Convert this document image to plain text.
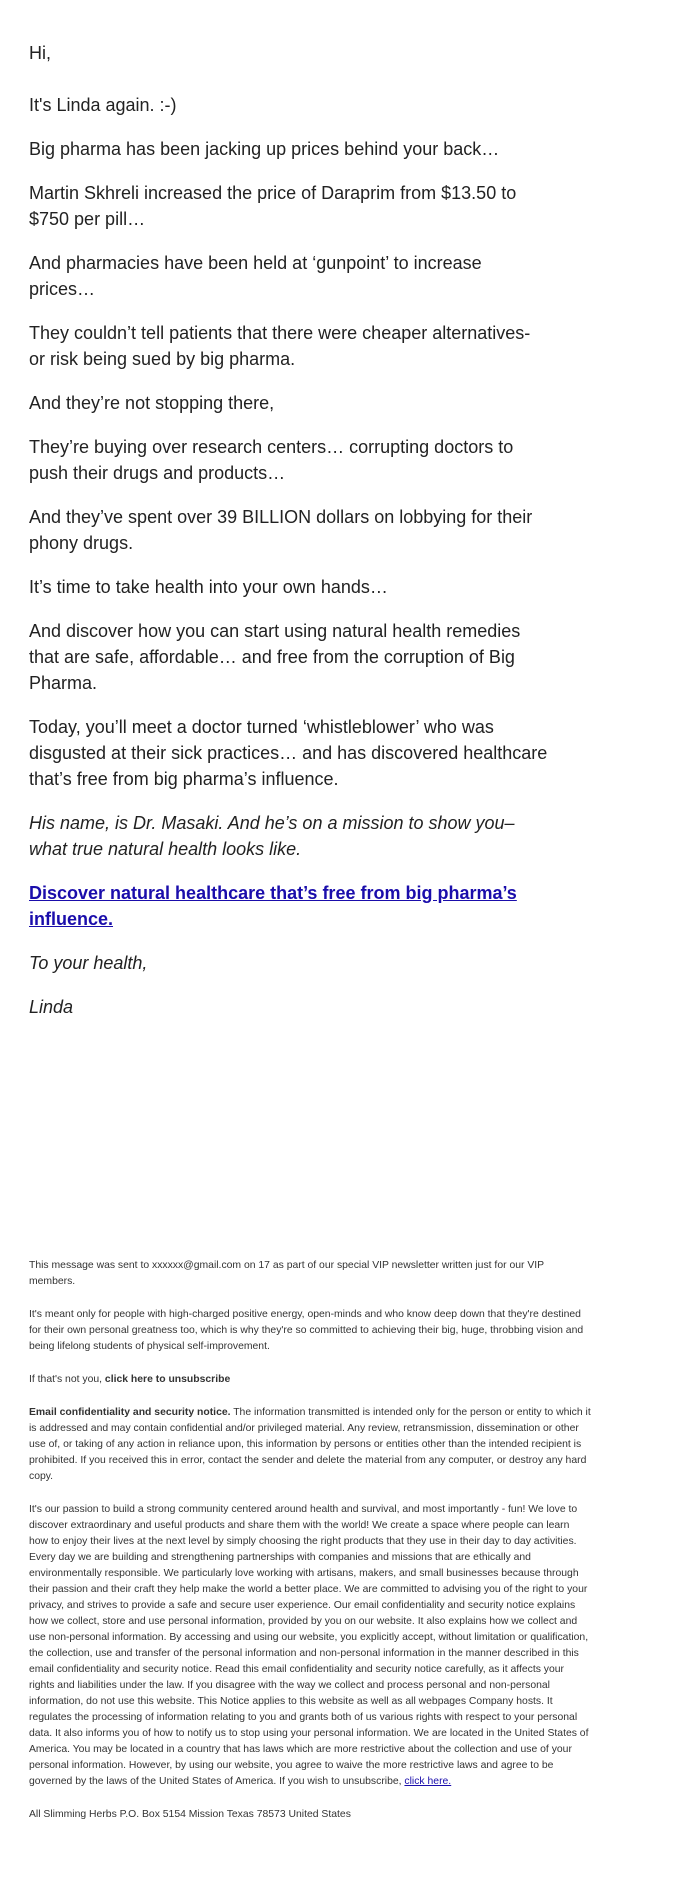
Hi,

It's Linda again. :-)

Big pharma has been jacking up prices behind your back…

Martin Skhreli increased the price of Daraprim from $13.50 to $750 per pill…

And pharmacies have been held at ‘gunpoint’ to increase prices…

They couldn’t tell patients that there were cheaper alternatives- or risk being sued by big pharma.

And they’re not stopping there,

They’re buying over research centers… corrupting doctors to push their drugs and products…

And they’ve spent over 39 BILLION dollars on lobbying for their phony drugs.

It’s time to take health into your own hands…

And discover how you can start using natural health remedies that are safe, affordable… and free from the corruption of Big Pharma.

Today, you’ll meet a doctor turned ‘whistleblower’ who was disgusted at their sick practices… and has discovered healthcare that’s free from big pharma’s influence.

His name, is Dr. Masaki. And he’s on a mission to show you– what true natural health looks like.

Discover natural healthcare that’s free from big pharma’s influence.

To your health,

Linda

This message was sent to xxxxxx@gmail.com on 17 as part of our special VIP newsletter written just for our VIP members.

It's meant only for people with high-charged positive energy, open-minds and who know deep down that they're destined for their own personal greatness too, which is why they're so committed to achieving their big, huge, throbbing vision and being lifelong students of physical self-improvement.

If that's not you, click here to unsubscribe

Email confidentiality and security notice. The information transmitted is intended only for the person or entity to which it is addressed and may contain confidential and/or privileged material. Any review, retransmission, dissemination or other use of, or taking of any action in reliance upon, this information by persons or entities other than the intended recipient is prohibited. If you received this in error, contact the sender and delete the material from any computer, or destroy any hard copy.

It's our passion to build a strong community centered around health and survival, and most importantly - fun! We love to discover extraordinary and useful products and share them with the world! We create a space where people can learn how to enjoy their lives at the next level by simply choosing the right products that they use in their day to day activities. Every day we are building and strengthening partnerships with companies and missions that are ethically and environmentally responsible. We particularly love working with artisans, makers, and small businesses because through their passion and their craft they help make the world a better place. We are committed to advising you of the right to your privacy, and strives to provide a safe and secure user experience. Our email confidentiality and security notice explains how we collect, store and use personal information, provided by you on our website. It also explains how we collect and use non-personal information. By accessing and using our website, you explicitly accept, without limitation or qualification, the collection, use and transfer of the personal information and non-personal information in the manner described in this email confidentiality and security notice. Read this email confidentiality and security notice carefully, as it affects your rights and liabilities under the law. If you disagree with the way we collect and process personal and non-personal information, do not use this website. This Notice applies to this website as well as all webpages Company hosts. It regulates the processing of information relating to you and grants both of us various rights with respect to your personal data. It also informs you of how to notify us to stop using your personal information. We are located in the United States of America. You may be located in a country that has laws which are more restrictive about the collection and use of your personal information. However, by using our website, you agree to waive the more restrictive laws and agree to be governed by the laws of the United States of America. If you wish to unsubscribe, click here.

All Slimming Herbs P.O. Box 5154 Mission Texas 78573 United States
